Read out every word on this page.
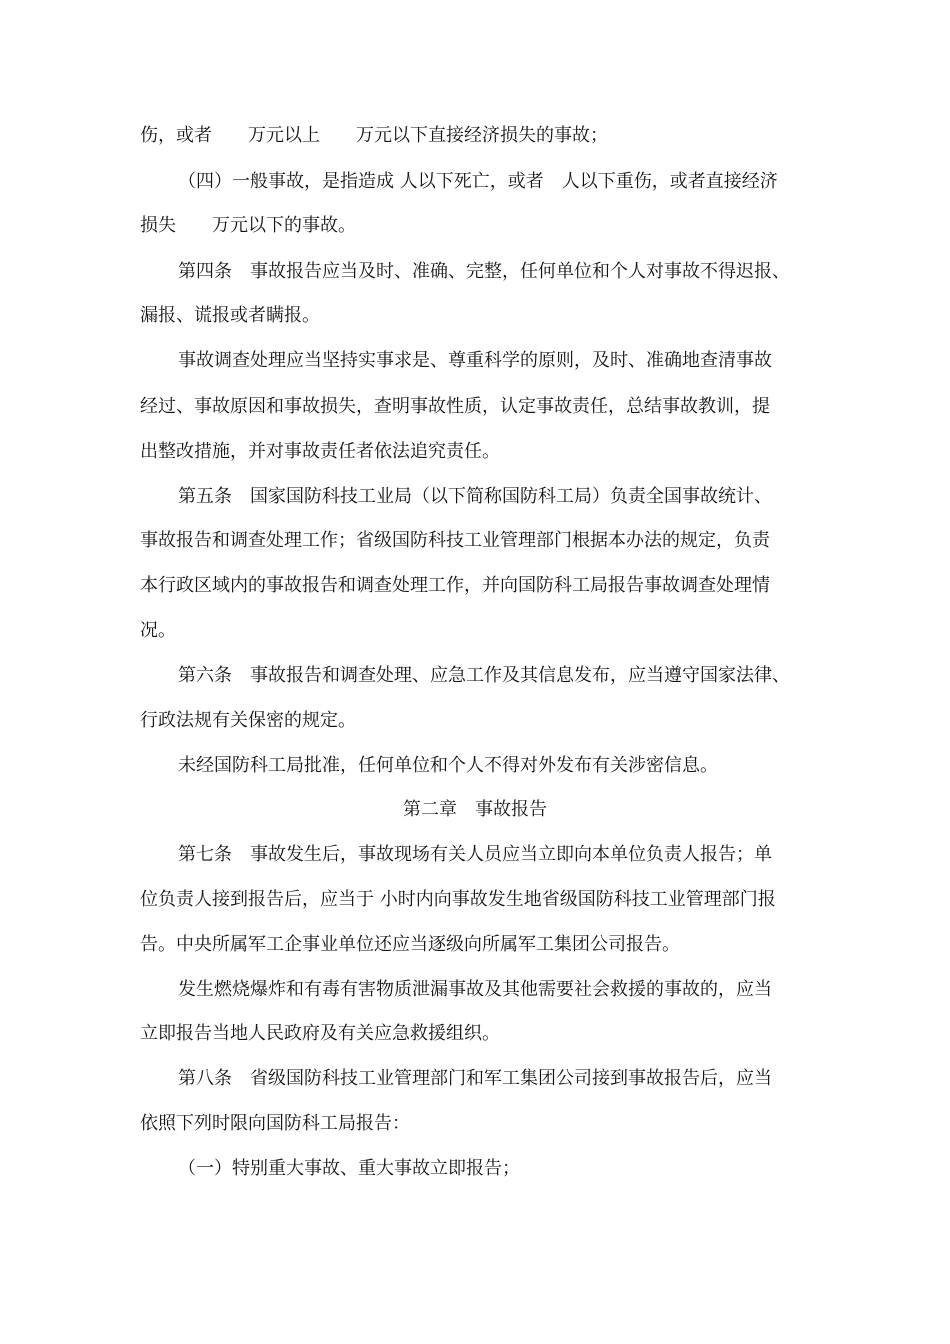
伤，或者　　万元以上　　万元以下直接经济损失的事故；

（四）一般事故，是指造成 人以下死亡，或者　人以下重伤，或者直接经济

损失　　万元以下的事故。

第四条　事故报告应当及时、准确、完整，任何单位和个人对事故不得迟报、

漏报、谎报或者瞒报。

事故调查处理应当坚持实事求是、尊重科学的原则，及时、准确地查清事故

经过、事故原因和事故损失，查明事故性质，认定事故责任，总结事故教训，提

出整改措施，并对事故责任者依法追究责任。

第五条　国家国防科技工业局（以下简称国防科工局）负责全国事故统计、

事故报告和调查处理工作；省级国防科技工业管理部门根据本办法的规定，负责

本行政区域内的事故报告和调查处理工作，并向国防科工局报告事故调查处理情

况。

第六条　事故报告和调查处理、应急工作及其信息发布，应当遵守国家法律、

行政法规有关保密的规定。

未经国防科工局批准，任何单位和个人不得对外发布有关涉密信息。

第二章　事故报告

第七条　事故发生后，事故现场有关人员应当立即向本单位负责人报告；单

位负责人接到报告后，应当于 小时内向事故发生地省级国防科技工业管理部门报

告。中央所属军工企事业单位还应当逐级向所属军工集团公司报告。

发生燃烧爆炸和有毒有害物质泄漏事故及其他需要社会救援的事故的，应当

立即报告当地人民政府及有关应急救援组织。

第八条　省级国防科技工业管理部门和军工集团公司接到事故报告后，应当

依照下列时限向国防科工局报告：

（一）特别重大事故、重大事故立即报告；
